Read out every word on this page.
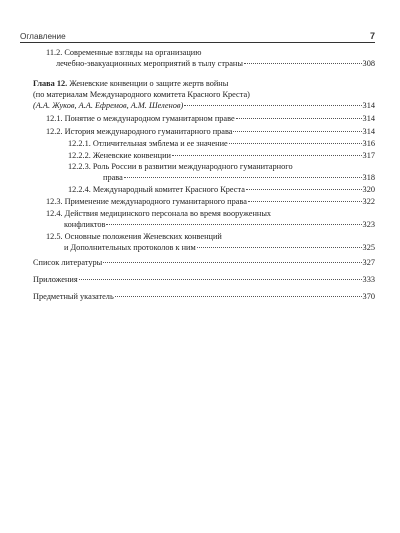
Оглавление	7
11.2. Современные взгляды на организацию
лечебно-эвакуационных мероприятий в тылу страны	308
Глава 12. Женевские конвенции о защите жертв войны
(по материалам Международного комитета Красного Креста)
(А.А. Жуков, А.А. Ефремов, А.М. Шеленов)	314
12.1. Понятие о международном гуманитарном праве	314
12.2. История международного гуманитарного права	314
12.2.1. Отличительная эмблема и ее значение	316
12.2.2. Женевские конвенции	317
12.2.3. Роль России в развитии международного гуманитарного
права	318
12.2.4. Международный комитет Красного Креста	320
12.3. Применение международного гуманитарного права	322
12.4. Действия медицинского персонала во время вооруженных
конфликтов	323
12.5. Основные положения Женевских конвенций
и Дополнительных протоколов к ним	325
Список литературы	327
Приложения	333
Предметный указатель	370
